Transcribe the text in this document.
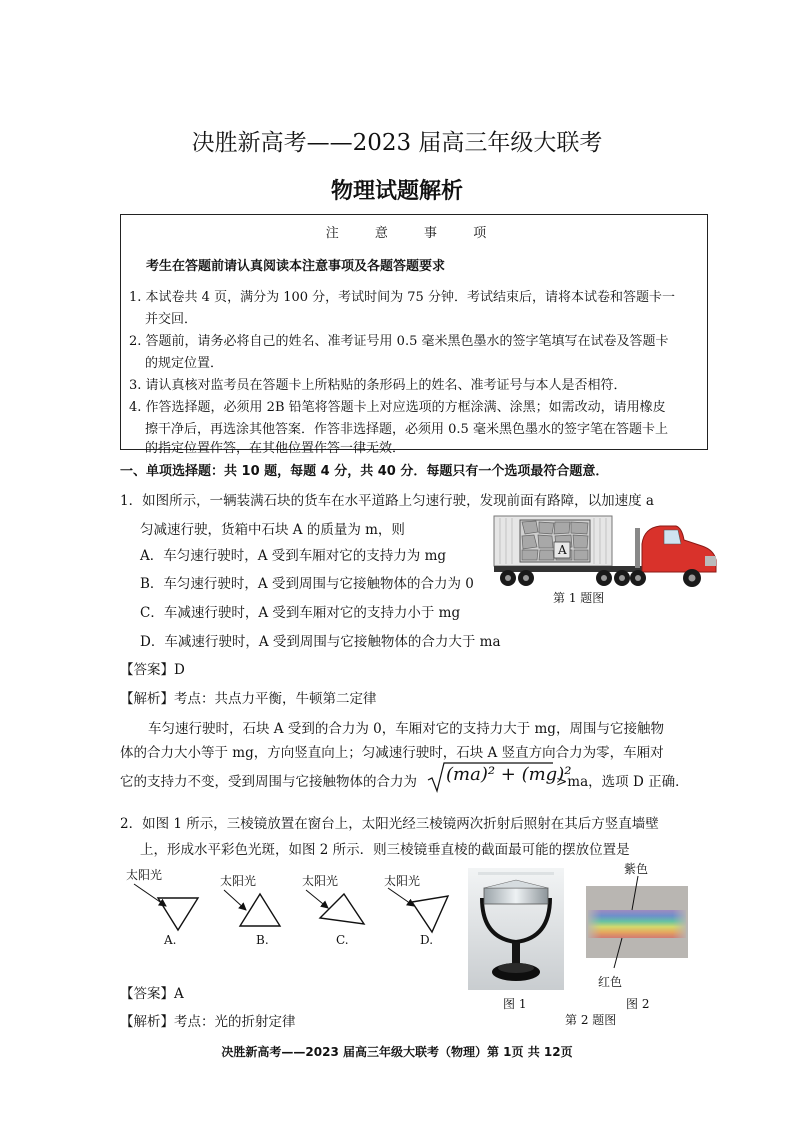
决胜新高考——2023 届高三年级大联考
物理试题解析
注 意 事 项
考生在答题前请认真阅读本注意事项及各题答题要求
1. 本试卷共 4 页，满分为 100 分，考试时间为 75 分钟．考试结束后，请将本试卷和答题卡一
并交回．
2. 答题前，请务必将自己的姓名、准考证号用 0.5 毫米黑色墨水的签字笔填写在试卷及答题卡
的规定位置．
3. 请认真核对监考员在答题卡上所粘贴的条形码上的姓名、准考证号与本人是否相符．
4. 作答选择题，必须用 2B 铅笔将答题卡上对应选项的方框涂满、涂黑；如需改动，请用橡皮
擦干净后，再选涂其他答案．作答非选择题，必须用 0.5 毫米黑色墨水的签字笔在答题卡上
的指定位置作答，在其他位置作答一律无效．
一、单项选择题：共 10 题，每题 4 分，共 40 分．每题只有一个选项最符合题意．
1．如图所示，一辆装满石块的货车在水平道路上匀速行驶，发现前面有路障，以加速度 a
匀减速行驶，货箱中石块 A 的质量为 m，则
A．车匀速行驶时，A 受到车厢对它的支持力为 mg
B．车匀速行驶时，A 受到周围与它接触物体的合力为 0
C．车减速行驶时，A 受到车厢对它的支持力小于 mg
D．车减速行驶时，A 受到周围与它接触物体的合力大于 ma
A
第 1 题图
【答案】D
【解析】考点：共点力平衡，牛顿第二定律
车匀速行驶时，石块 A 受到的合力为 0，车厢对它的支持力大于 mg，周围与它接触物
体的合力大小等于 mg，方向竖直向上；匀减速行驶时，石块 A 竖直方向合力为零，车厢对
它的支持力不变，受到周围与它接触物体的合力为 (ma)² + (mg)²
>ma，选项 D 正确．
2．如图 1 所示，三棱镜放置在窗台上，太阳光经三棱镜两次折射后照射在其后方竖直墙壁
上，形成水平彩色光斑，如图 2 所示．则三棱镜垂直棱的截面最可能的摆放位置是
太阳光	太阳光	太阳光	太阳光
A.	B.	C.	D.
紫色
红色
图 1	图 2
第 2 题图
【答案】A
【解析】考点：光的折射定律
决胜新高考——2023 届高三年级大联考（物理）第 1页 共 12页
